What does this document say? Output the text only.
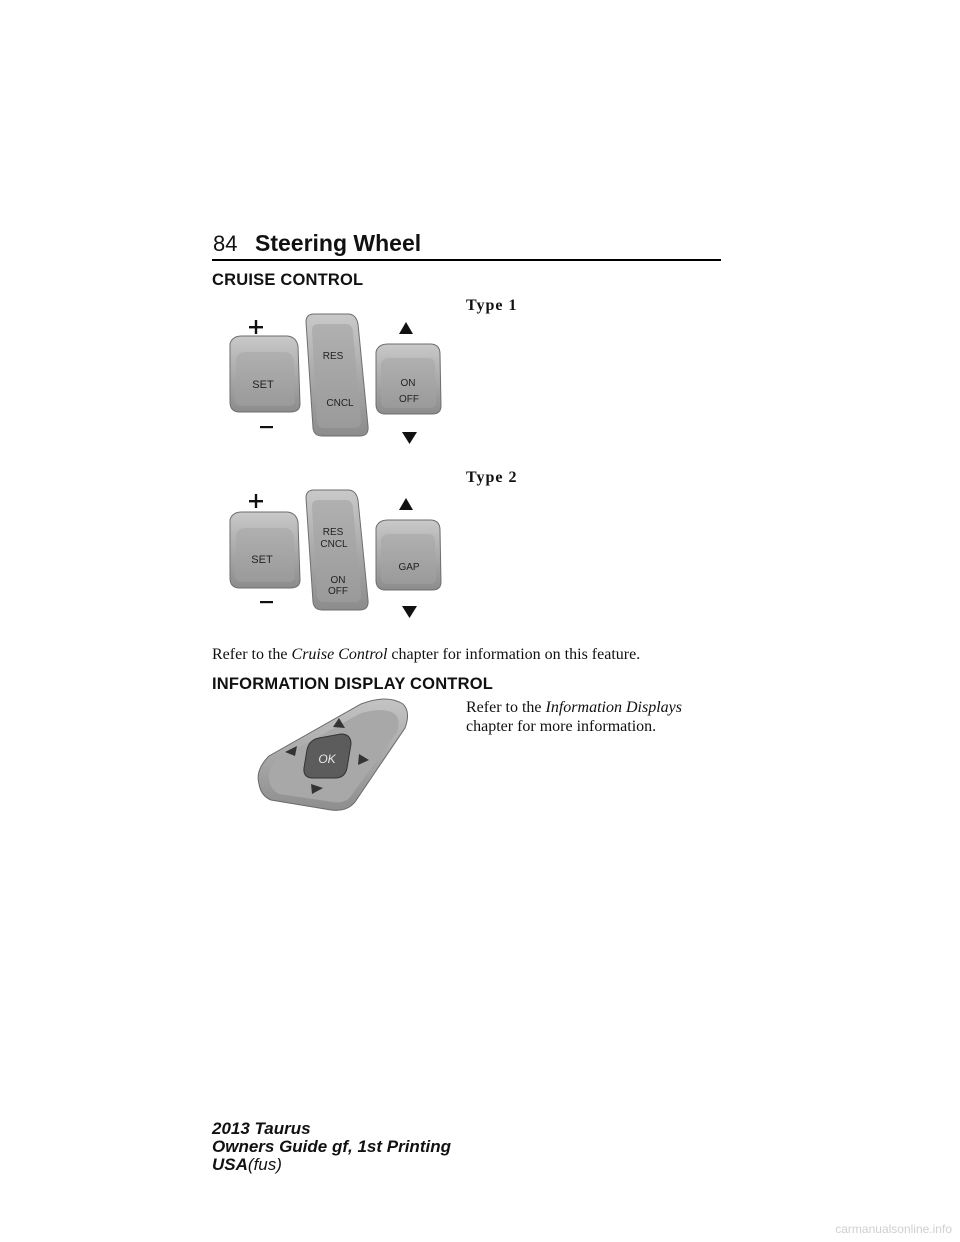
84 Steering Wheel
CRUISE CONTROL
Type 1
SET
RES
CNCL
ON
OFF
Type 2
SET
RES
CNCL
ON
OFF
GAP
Refer to the Cruise Control chapter for information on this feature.
INFORMATION DISPLAY CONTROL
OK
Refer to the Information Displays chapter for more information.
2013 Taurus
Owners Guide gf, 1st Printing
USA(fus)
carmanualsonline.info
